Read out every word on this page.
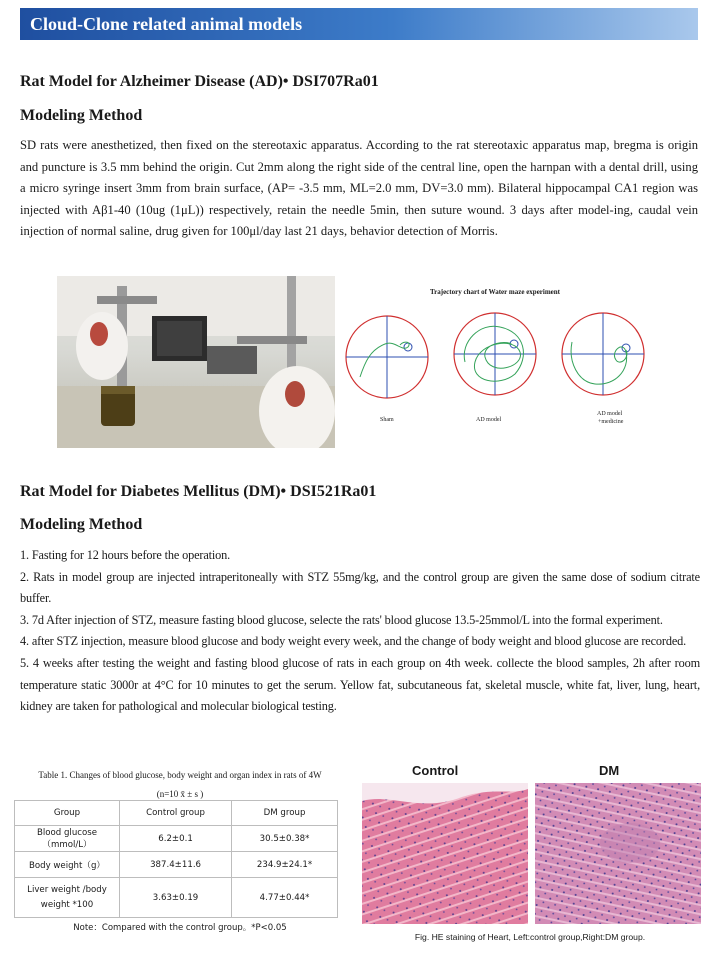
Cloud-Clone related animal models
Rat Model for Alzheimer Disease (AD)• DSI707Ra01
Modeling Method
SD rats were anesthetized, then fixed on the stereotaxic apparatus. According to the rat stereotaxic apparatus map, bregma is origin and puncture is 3.5 mm behind the origin. Cut 2mm along the right side of the central line, open the harnpan with a dental drill, using a micro syringe insert 3mm from brain surface, (AP= -3.5 mm, ML=2.0 mm, DV=3.0 mm). Bilateral hippocampal CA1 region was injected with Aβ1-40 (10ug (1μL)) respectively, retain the needle 5min, then suture wound. 3 days after model-ing, caudal vein injection of normal saline, drug given for 100μl/day last 21 days, behavior detection of Morris.
Trajectory chart of Water maze experiment
Sham	AD model
AD model
+medicine
Rat Model for Diabetes Mellitus (DM)• DSI521Ra01
Modeling Method
1. Fasting for 12 hours before the operation.
2. Rats in model group are injected intraperitoneally with STZ 55mg/kg, and the control group are given the same dose of sodium citrate buffer.
3. 7d After injection of STZ, measure fasting blood glucose, selecte the rats' blood glucose 13.5-25mmol/L into the formal experiment.
4. after STZ injection, measure blood glucose and body weight every week, and the change of body weight and blood glucose are recorded.
5. 4 weeks after testing the weight and fasting blood glucose of rats in each group on 4th week. collecte the blood samples, 2h after room temperature static 3000r at 4°C for 10 minutes to get the serum. Yellow fat, subcutaneous fat, skeletal muscle, white fat, liver, lung, heart, kidney are taken for pathological and molecular biological testing.
Table 1. Changes of blood glucose, body weight and organ index in rats of 4W
(n=10 x̄ ± s )
Group	Control group	DM group
Blood glucose （mmol/L）	6.2±0.1	30.5±0.38*
Body weight（g）	387.4±11.6	234.9±24.1*
Liver weight /body weight *100	3.63±0.19	4.77±0.44*
Note：Compared with the control group。*P<0.05
Control	DM
Fig. HE staining of Heart, Left:control group,Right:DM group.
